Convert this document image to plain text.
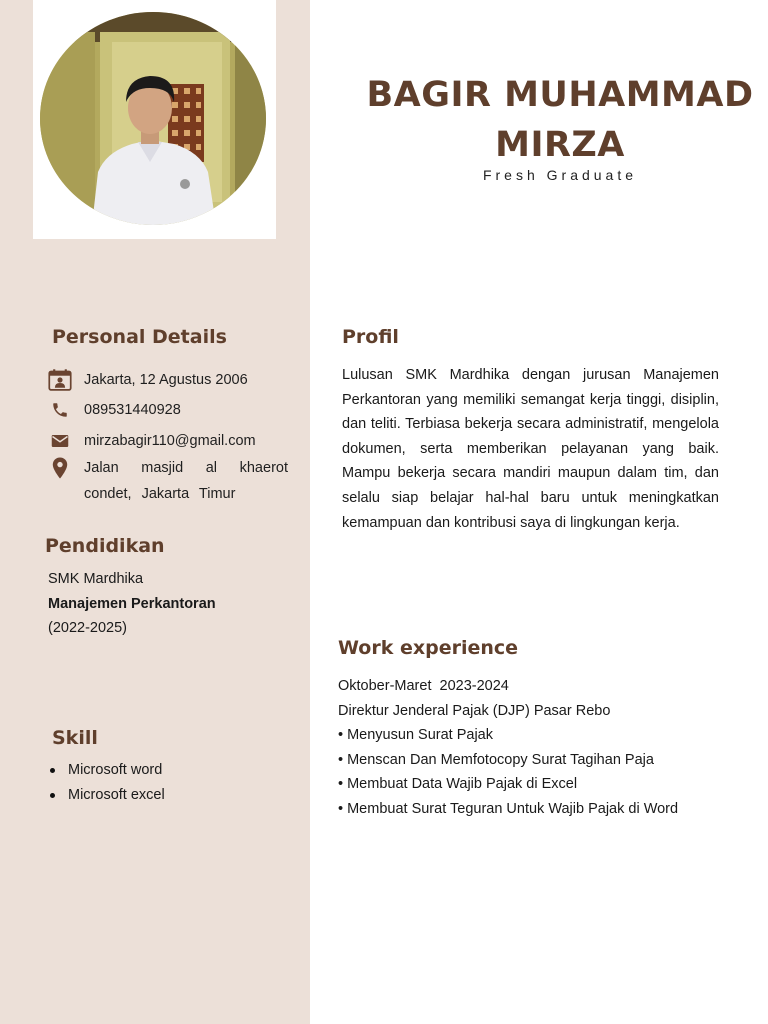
BAGIR MUHAMMAD MIRZA
Fresh Graduate
Personal Details
Jakarta, 12 Agustus 2006
089531440928
mirzabagir110@gmail.com
Jalan masjid al khaerot condet, Jakarta Timur
Pendidikan
SMK Mardhika
Manajemen Perkantoran
(2022-2025)
Skill
Microsoft word
Microsoft excel
Profil
Lulusan SMK Mardhika dengan jurusan Manajemen Perkantoran yang memiliki semangat kerja tinggi, disiplin, dan teliti. Terbiasa bekerja secara administratif, mengelola dokumen, serta memberikan pelayanan yang baik. Mampu bekerja secara mandiri maupun dalam tim, dan selalu siap belajar hal-hal baru untuk meningkatkan kemampuan dan kontribusi saya di lingkungan kerja.
Work experience
Oktober-Maret  2023-2024
Direktur Jenderal Pajak (DJP) Pasar Rebo
• Menyusun Surat Pajak
• Menscan Dan Memfotocopy Surat Tagihan Paja
• Membuat Data Wajib Pajak di Excel
• Membuat Surat Teguran Untuk Wajib Pajak di Word
